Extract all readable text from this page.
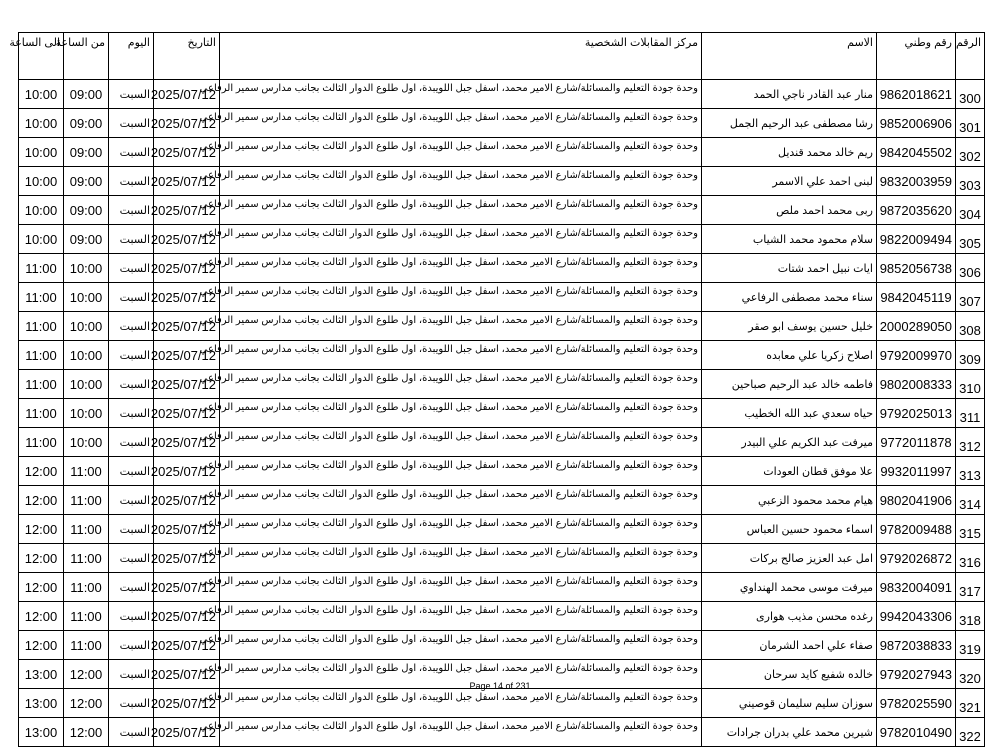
الرقم	رقم وطني	الاسم	مركز المقابلات الشخصية	التاريخ	اليوم	من الساعة	الى الساعة
300	9862018621	منار عبد القادر ناجي الحمد	وحدة جودة التعليم والمسائلة/شارع الامير محمد، اسفل جبل اللويبدة، اول طلوع الدوار الثالث بجانب مدارس سمير الرفاعي	2025/07/12	السبت	09:00	10:00
301	9852006906	رشا مصطفى عبد الرحيم الجمل	وحدة جودة التعليم والمسائلة/شارع الامير محمد، اسفل جبل اللويبدة، اول طلوع الدوار الثالث بجانب مدارس سمير الرفاعي	2025/07/12	السبت	09:00	10:00
302	9842045502	ريم خالد محمد قنديل	وحدة جودة التعليم والمسائلة/شارع الامير محمد، اسفل جبل اللويبدة، اول طلوع الدوار الثالث بجانب مدارس سمير الرفاعي	2025/07/12	السبت	09:00	10:00
303	9832003959	لبنى احمد علي الاسمر	وحدة جودة التعليم والمسائلة/شارع الامير محمد، اسفل جبل اللويبدة، اول طلوع الدوار الثالث بجانب مدارس سمير الرفاعي	2025/07/12	السبت	09:00	10:00
304	9872035620	ربى محمد احمد ملص	وحدة جودة التعليم والمسائلة/شارع الامير محمد، اسفل جبل اللويبدة، اول طلوع الدوار الثالث بجانب مدارس سمير الرفاعي	2025/07/12	السبت	09:00	10:00
305	9822009494	سلام محمود محمد الشياب	وحدة جودة التعليم والمسائلة/شارع الامير محمد، اسفل جبل اللويبدة، اول طلوع الدوار الثالث بجانب مدارس سمير الرفاعي	2025/07/12	السبت	09:00	10:00
306	9852056738	ايات نبيل احمد شتات	وحدة جودة التعليم والمسائلة/شارع الامير محمد، اسفل جبل اللويبدة، اول طلوع الدوار الثالث بجانب مدارس سمير الرفاعي	2025/07/12	السبت	10:00	11:00
307	9842045119	سناء محمد مصطفى الرفاعي	وحدة جودة التعليم والمسائلة/شارع الامير محمد، اسفل جبل اللويبدة، اول طلوع الدوار الثالث بجانب مدارس سمير الرفاعي	2025/07/12	السبت	10:00	11:00
308	2000289050	خليل حسين يوسف ابو صقر	وحدة جودة التعليم والمسائلة/شارع الامير محمد، اسفل جبل اللويبدة، اول طلوع الدوار الثالث بجانب مدارس سمير الرفاعي	2025/07/12	السبت	10:00	11:00
309	9792009970	اصلاح زكريا علي معابده	وحدة جودة التعليم والمسائلة/شارع الامير محمد، اسفل جبل اللويبدة، اول طلوع الدوار الثالث بجانب مدارس سمير الرفاعي	2025/07/12	السبت	10:00	11:00
310	9802008333	فاطمه خالد عبد الرحيم صباحين	وحدة جودة التعليم والمسائلة/شارع الامير محمد، اسفل جبل اللويبدة، اول طلوع الدوار الثالث بجانب مدارس سمير الرفاعي	2025/07/12	السبت	10:00	11:00
311	9792025013	حياه سعدي عبد الله الخطيب	وحدة جودة التعليم والمسائلة/شارع الامير محمد، اسفل جبل اللويبدة، اول طلوع الدوار الثالث بجانب مدارس سمير الرفاعي	2025/07/12	السبت	10:00	11:00
312	9772011878	ميرفت عبد الكريم علي البيدر	وحدة جودة التعليم والمسائلة/شارع الامير محمد، اسفل جبل اللويبدة، اول طلوع الدوار الثالث بجانب مدارس سمير الرفاعي	2025/07/12	السبت	10:00	11:00
313	9932011997	علا موفق قطان العودات	وحدة جودة التعليم والمسائلة/شارع الامير محمد، اسفل جبل اللويبدة، اول طلوع الدوار الثالث بجانب مدارس سمير الرفاعي	2025/07/12	السبت	11:00	12:00
314	9802041906	هيام محمد محمود الزعبي	وحدة جودة التعليم والمسائلة/شارع الامير محمد، اسفل جبل اللويبدة، اول طلوع الدوار الثالث بجانب مدارس سمير الرفاعي	2025/07/12	السبت	11:00	12:00
315	9782009488	اسماء محمود حسين العباس	وحدة جودة التعليم والمسائلة/شارع الامير محمد، اسفل جبل اللويبدة، اول طلوع الدوار الثالث بجانب مدارس سمير الرفاعي	2025/07/12	السبت	11:00	12:00
316	9792026872	امل عبد العزيز صالح بركات	وحدة جودة التعليم والمسائلة/شارع الامير محمد، اسفل جبل اللويبدة، اول طلوع الدوار الثالث بجانب مدارس سمير الرفاعي	2025/07/12	السبت	11:00	12:00
317	9832004091	ميرفت موسى محمد الهنداوي	وحدة جودة التعليم والمسائلة/شارع الامير محمد، اسفل جبل اللويبدة، اول طلوع الدوار الثالث بجانب مدارس سمير الرفاعي	2025/07/12	السبت	11:00	12:00
318	9942043306	رغده محسن مذيب هوارى	وحدة جودة التعليم والمسائلة/شارع الامير محمد، اسفل جبل اللويبدة، اول طلوع الدوار الثالث بجانب مدارس سمير الرفاعي	2025/07/12	السبت	11:00	12:00
319	9872038833	صفاء علي احمد الشرمان	وحدة جودة التعليم والمسائلة/شارع الامير محمد، اسفل جبل اللويبدة، اول طلوع الدوار الثالث بجانب مدارس سمير الرفاعي	2025/07/12	السبت	11:00	12:00
320	9792027943	خالده شفيع كايد سرحان	وحدة جودة التعليم والمسائلة/شارع الامير محمد، اسفل جبل اللويبدة، اول طلوع الدوار الثالث بجانب مدارس سمير الرفاعي	2025/07/12	السبت	12:00	13:00
321	9782025590	سوزان سليم سليمان قوصيني	وحدة جودة التعليم والمسائلة/شارع الامير محمد، اسفل جبل اللويبدة، اول طلوع الدوار الثالث بجانب مدارس سمير الرفاعي	2025/07/12	السبت	12:00	13:00
322	9782010490	شيرين محمد علي بدران جرادات	وحدة جودة التعليم والمسائلة/شارع الامير محمد، اسفل جبل اللويبدة، اول طلوع الدوار الثالث بجانب مدارس سمير الرفاعي	2025/07/12	السبت	12:00	13:00
Page 14 of 231
